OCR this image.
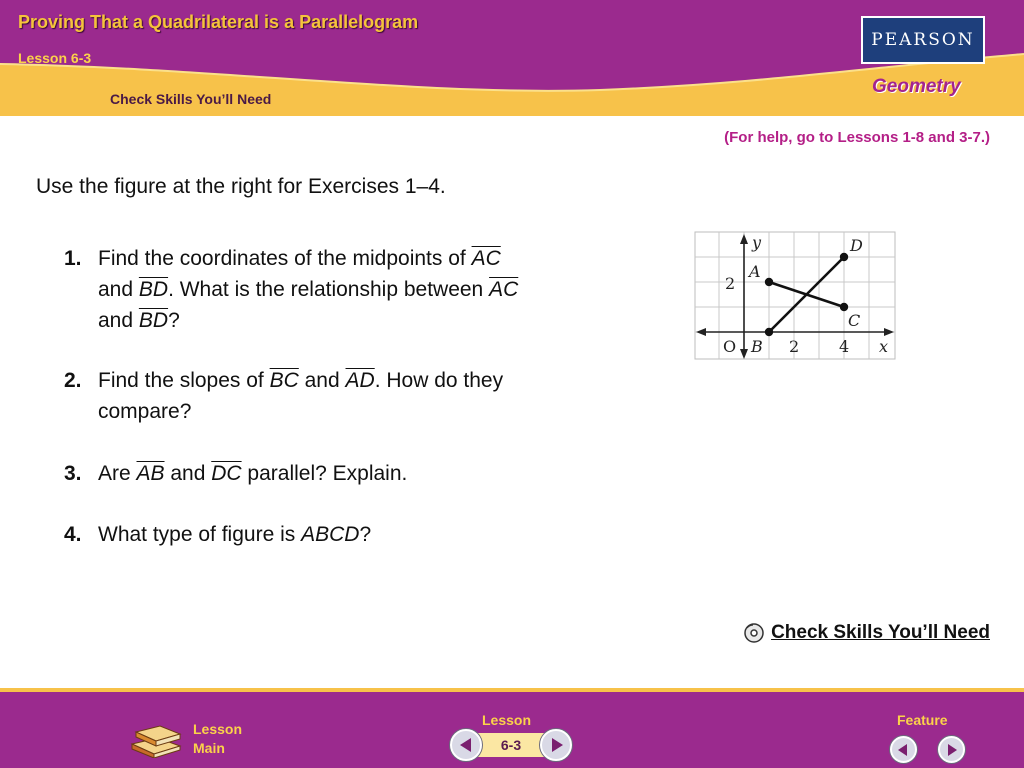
Proving That a Quadrilateral is a Parallelogram
Lesson 6-3
Check Skills You’ll Need
PEARSON
Geometry
(For help, go to Lessons 1-8 and 3-7.)
Use the figure at the right for Exercises 1–4.
1. Find the coordinates of the midpoints of $\overline{AC}$
and $\overline{BD}$. What is the relationship between $\overline{AC}$
and $\overline{BD}$?
2. Find the slopes of $\overline{BC}$ and $\overline{AD}$. How do they compare?
3. Are $\overline{AB}$ and $\overline{DC}$ parallel? Explain.
4. What type of figure is ABCD?
y
x
O
2
2 4
A
B
C
D
Check Skills You’ll Need
Lesson
Main
Lesson
6-3
Feature
